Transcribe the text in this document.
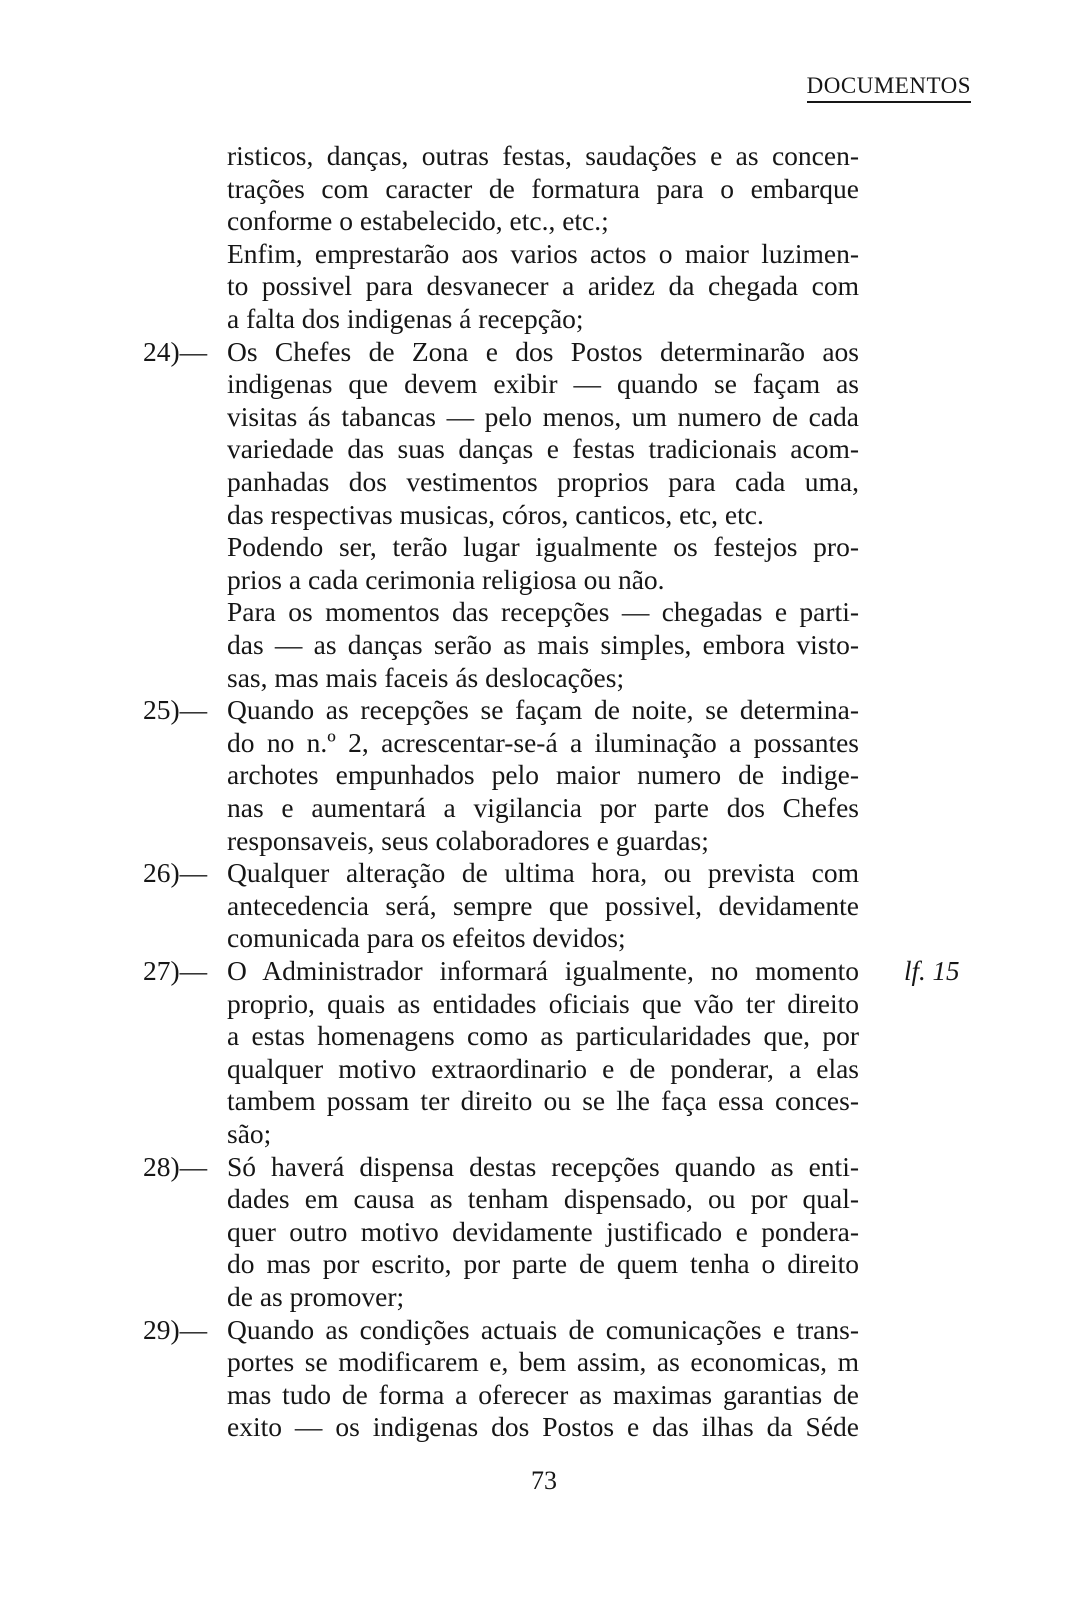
DOCUMENTOS
risticos, danças, outras festas, saudações e as concen-
trações com caracter de formatura para o embarque
conforme o estabelecido, etc., etc.;
Enfim, emprestarão aos varios actos o maior luzimen-
to possivel para desvanecer a aridez da chegada com
a falta dos indigenas á recepção;
Os Chefes de Zona e dos Postos determinarão aos
24)—
indigenas que devem exibir — quando se façam as
visitas ás tabancas — pelo menos, um numero de cada
variedade das suas danças e festas tradicionais acom-
panhadas dos vestimentos proprios para cada uma,
das respectivas musicas, córos, canticos, etc, etc.
Podendo ser, terão lugar igualmente os festejos pro-
prios a cada cerimonia religiosa ou não.
Para os momentos das recepções — chegadas e parti-
das — as danças serão as mais simples, embora visto-
sas, mas mais faceis ás deslocações;
Quando as recepções se façam de noite, se determina-
25)—
do no n.º 2, acrescentar-se-á a iluminação a possantes
archotes empunhados pelo maior numero de indige-
nas e aumentará a vigilancia por parte dos Chefes
responsaveis, seus colaboradores e guardas;
Qualquer alteração de ultima hora, ou prevista com
26)—
antecedencia será, sempre que possivel, devidamente
comunicada para os efeitos devidos;
O Administrador informará igualmente, no momento
27)—	lf. 15
proprio, quais as entidades oficiais que vão ter direito
a estas homenagens como as particularidades que, por
qualquer motivo extraordinario e de ponderar, a elas
tambem possam ter direito ou se lhe faça essa conces-
são;
Só haverá dispensa destas recepções quando as enti-
28)—
dades em causa as tenham dispensado, ou por qual-
quer outro motivo devidamente justificado e pondera-
do mas por escrito, por parte de quem tenha o direito
de as promover;
Quando as condições actuais de comunicações e trans-
29)—
portes se modificarem e, bem assim, as economicas, m
mas tudo de forma a oferecer as maximas garantias de
exito — os indigenas dos Postos e das ilhas da Séde
73
